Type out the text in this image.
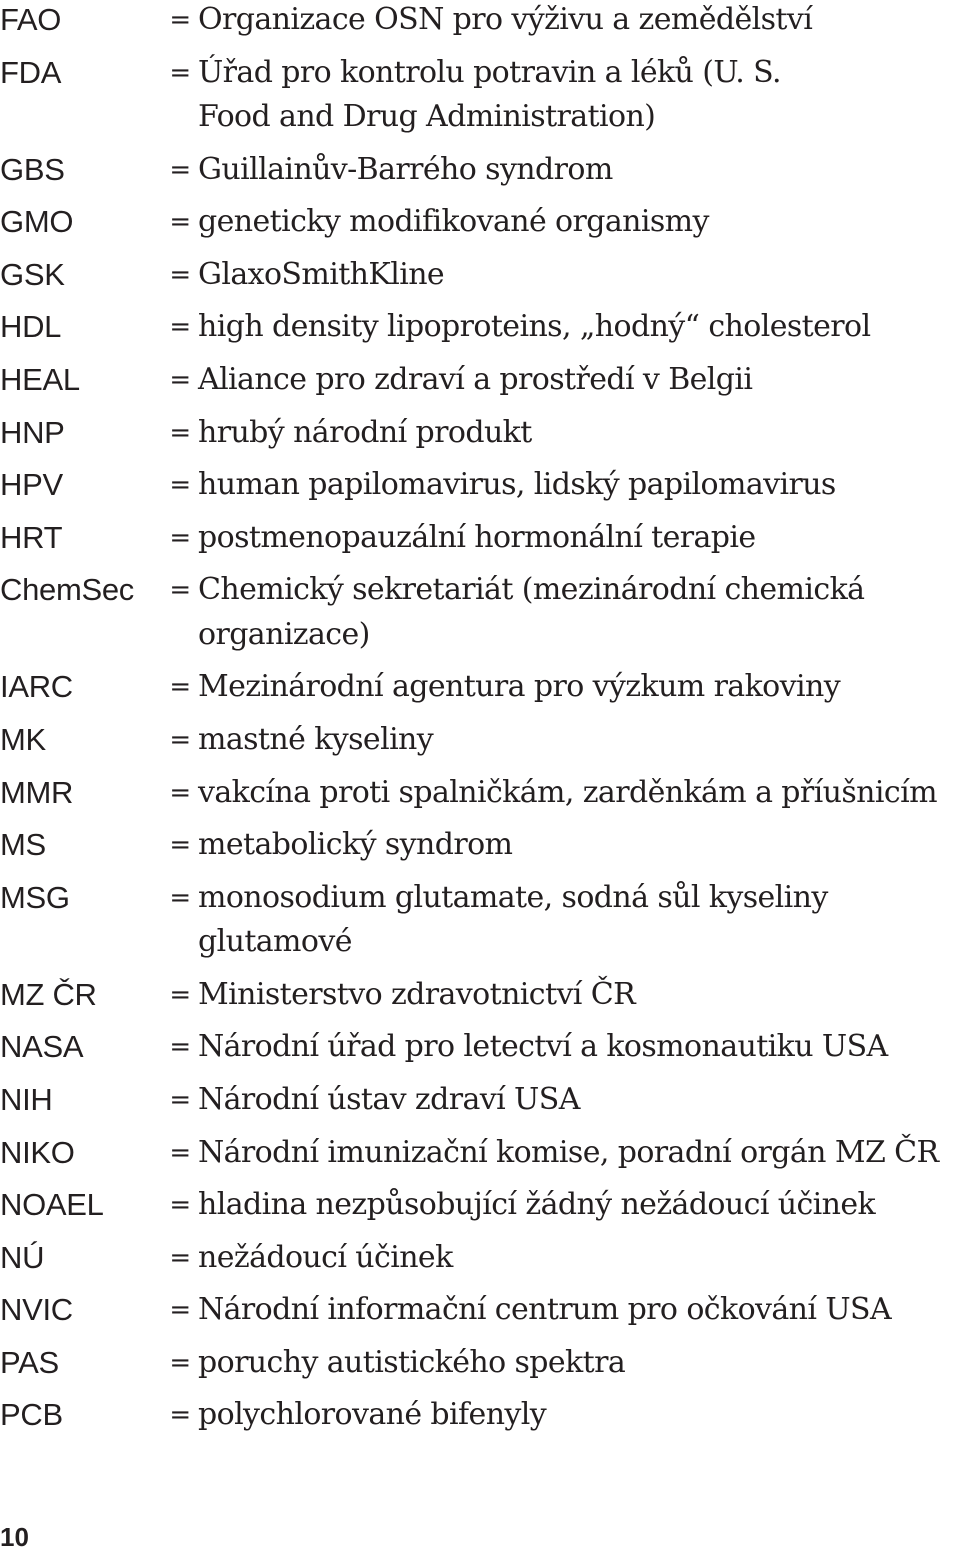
FAO	= Organizace OSN pro výživu a zemědělství
FDA	= Úřad pro kontrolu potravin a léků (U. S. Food and Drug Administration)
GBS	= Guillainův-Barrého syndrom
GMO	= geneticky modifikované organismy
GSK	= GlaxoSmithKline
HDL	= high density lipoproteins, „hodný“ cholesterol
HEAL	= Aliance pro zdraví a prostředí v Belgii
HNP	= hrubý národní produkt
HPV	= human papilomavirus, lidský papilomavirus
HRT	= postmenopauzální hormonální terapie
ChemSec	= Chemický sekretariát (mezinárodní chemická organizace)
IARC	= Mezinárodní agentura pro výzkum rakoviny
MK	= mastné kyseliny
MMR	= vakcína proti spalničkám, zarděnkám a příušnicím
MS	= metabolický syndrom
MSG	= monosodium glutamate, sodná sůl kyseliny glutamové
MZ ČR	= Ministerstvo zdravotnictví ČR
NASA	= Národní úřad pro letectví a kosmonautiku USA
NIH	= Národní ústav zdraví USA
NIKO	= Národní imunizační komise, poradní orgán MZ ČR
NOAEL	= hladina nezpůsobující žádný nežádoucí účinek
NÚ	= nežádoucí účinek
NVIC	= Národní informační centrum pro očkování USA
PAS	= poruchy autistického spektra
PCB	= polychlorované bifenyly
10
